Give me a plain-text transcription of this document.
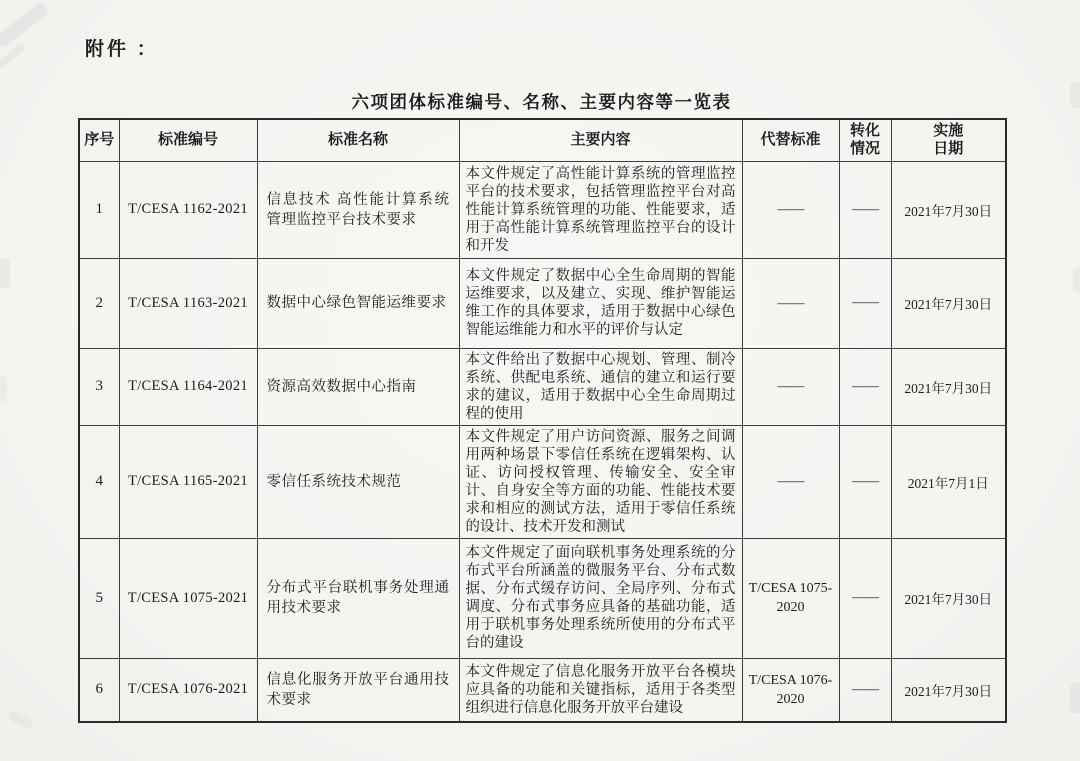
附件 ：
六项团体标准编号、名称、主要内容等一览表
序号	标准编号	标准名称	主要内容	代替标准	转化情况	实施日期
1	T/CESA 1162-2021	信息技术 高性能计算系统管理监控平台技术要求	本文件规定了高性能计算系统的管理监控平台的技术要求，包括管理监控平台对高性能计算系统管理的功能、性能要求，适用于高性能计算系统管理监控平台的设计和开发	——	——	2021年7月30日
2	T/CESA 1163-2021	数据中心绿色智能运维要求	本文件规定了数据中心全生命周期的智能运维要求，以及建立、实现、维护智能运维工作的具体要求，适用于数据中心绿色智能运维能力和水平的评价与认定	——	——	2021年7月30日
3	T/CESA 1164-2021	资源高效数据中心指南	本文件给出了数据中心规划、管理、制冷系统、供配电系统、通信的建立和运行要求的建议，适用于数据中心全生命周期过程的使用	——	——	2021年7月30日
4	T/CESA 1165-2021	零信任系统技术规范	本文件规定了用户访问资源、服务之间调用两种场景下零信任系统在逻辑架构、认证、访问授权管理、传输安全、安全审计、自身安全等方面的功能、性能技术要求和相应的测试方法，适用于零信任系统的设计、技术开发和测试	——	——	2021年7月1日
5	T/CESA 1075-2021	分布式平台联机事务处理通用技术要求	本文件规定了面向联机事务处理系统的分布式平台所涵盖的微服务平台、分布式数据、分布式缓存访问、全局序列、分布式调度、分布式事务应具备的基础功能，适用于联机事务处理系统所使用的分布式平台的建设	T/CESA 1075-2020	——	2021年7月30日
6	T/CESA 1076-2021	信息化服务开放平台通用技术要求	本文件规定了信息化服务开放平台各模块应具备的功能和关键指标，适用于各类型组织进行信息化服务开放平台建设	T/CESA 1076-2020	——	2021年7月30日
